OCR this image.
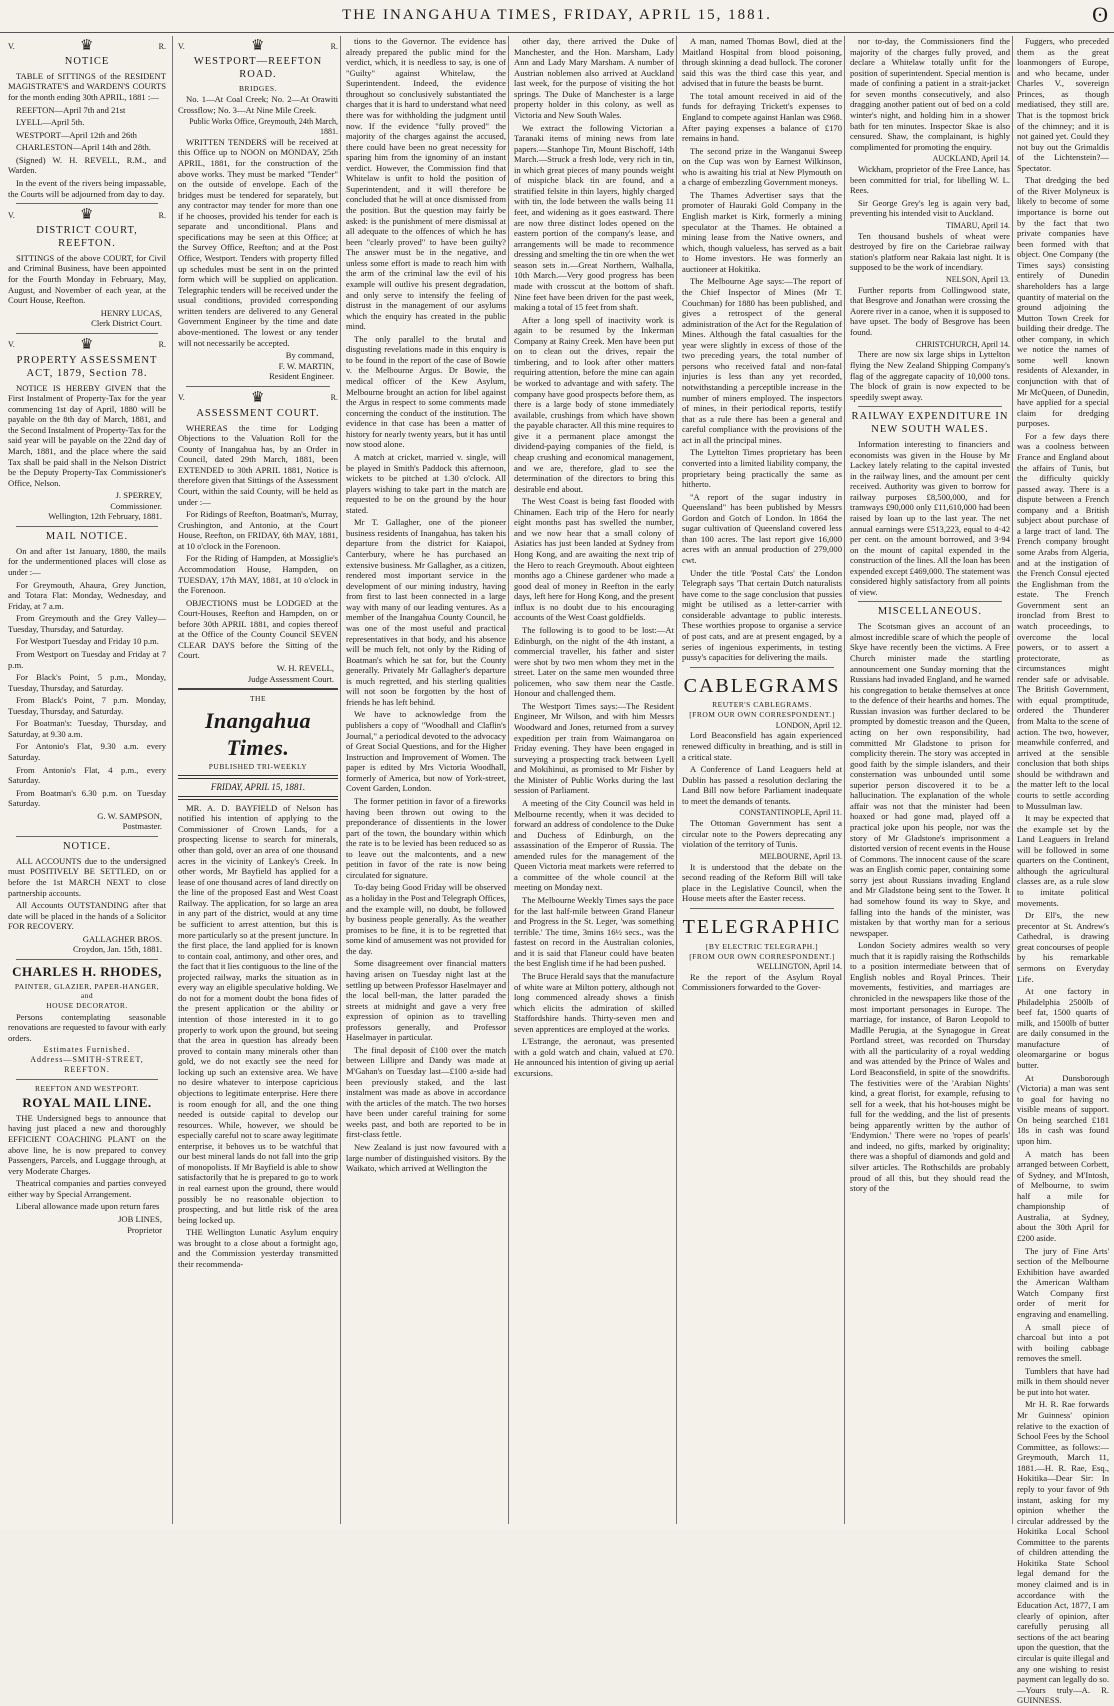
THE INANGAHUA TIMES, FRIDAY, APRIL 15, 1881.	ʘ
V.	♛	R.
NOTICE

TABLE of SITTINGS of the RESIDENT MAGISTRATE'S and WARDEN'S COURTS for the month ending 30th APRIL, 1881 :—

REEFTON—April 7th and 21st

LYELL—April 5th.

WESTPORT—April 12th and 26th

CHARLESTON—April 14th and 28th.

(Signed) W. H. REVELL, R.M., and Warden.

In the event of the rivers being impassable, the Courts will be adjourned from day to day.

V.	♛	R.
DISTRICT COURT, REEFTON.

SITTINGS of the above COURT, for Civil and Criminal Business, have been appointed for the Fourth Monday in February, May, August, and November of each year, at the Court House, Reefton.

HENRY LUCAS,
Clerk District Court.
V.	♛	R.
PROPERTY ASSESSMENT ACT, 1879, Section 78.

NOTICE IS HEREBY GIVEN that the First Instalment of Property-Tax for the year commencing 1st day of April, 1880 will be payable on the 8th day of March, 1881, and the Second Instalment of Property-Tax for the said year will be payable on the 22nd day of March, 1881, and the place where the said Tax shall be paid shall in the Nelson District be the Deputy Property-Tax Commissioner's Office, Nelson.

J. SPERREY,
Commissioner.
Wellington, 12th February, 1881.
MAIL NOTICE.

On and after 1st January, 1880, the mails for the undermentioned places will close as under :—

For Greymouth, Ahaura, Grey Junction, and Totara Flat: Monday, Wednesday, and Friday, at 7 a.m.

From Greymouth and the Grey Valley—Tuesday, Thursday, and Saturday.

For Westport Tuesday and Friday 10 p.m.

From Westport on Tuesday and Friday at 7 p.m.

For Black's Point, 5 p.m., Monday, Tuesday, Thursday, and Saturday.

From Black's Point, 7 p.m. Monday, Tuesday, Thursday, and Saturday.

For Boatman's: Tuesday, Thursday, and Saturday, at 9.30 a.m.

For Antonio's Flat, 9.30 a.m. every Saturday.

From Antonio's Flat, 4 p.m., every Saturday.

From Boatman's 6.30 p.m. on Tuesday Saturday.

G. W. SAMPSON,
Postmaster.
NOTICE.

ALL ACCOUNTS due to the undersigned must POSITIVELY BE SETTLED, on or before the 1st MARCH NEXT to close partnership accounts.

All Accounts OUTSTANDING after that date will be placed in the hands of a Solicitor FOR RECOVERY.

GALLAGHER BROS.
Croydon, Jan. 15th, 1881.
CHARLES H. RHODES,
PAINTER, GLAZIER, PAPER-HANGER, and
HOUSE DECORATOR.

Persons contemplating seasonable renovations are requested to favour with early orders.

Estimates Furnished.
Address—SMITH-STREET, REEFTON.
REEFTON AND WESTPORT.
ROYAL MAIL LINE.

THE Undersigned begs to announce that having just placed a new and thoroughly EFFICIENT COACHING PLANT on the above line, he is now prepared to convey Passengers, Parcels, and Luggage through, at very Moderate Charges.

Theatrical companies and parties conveyed either way by Special Arrangement.

Liberal allowance made upon return fares

JOB LINES,
Proprietor
V.	♛	R.
WESTPORT—REEFTON ROAD.
BRIDGES.

No. 1—At Coal Creek; No. 2—At Orawiti Crossflow; No. 3—At Nine Mile Creek.

Public Works Office, Greymouth, 24th March, 1881.

WRITTEN TENDERS will be received at this Office up to NOON on MONDAY, 25th APRIL, 1881, for the construction of the above works. They must be marked "Tender" on the outside of envelope. Each of the bridges must be tendered for separately, but any contractor may tender for more than one if he chooses, provided his tender for each is separate and unconditional. Plans and specifications may be seen at this Office; at the Survey Office, Reefton; and at the Post Office, Westport. Tenders with property filled up schedules must be sent in on the printed form which will be supplied on application. Telegraphic tenders will be received under the usual conditions, provided corresponding written tenders are delivered to any General Government Engineer by the time and date above-mentioned. The lowest or any tender will not necessarily be accepted.

By command,
F. W. MARTIN,
Resident Engineer.
V.	♛	R.
ASSESSMENT COURT.

WHEREAS the time for Lodging Objections to the Valuation Roll for the County of Inangahua has, by an Order in Council, dated 29th March, 1881, been EXTENDED to 30th APRIL 1881, Notice is therefore given that Sittings of the Assessment Court, within the said County, will be held as under :—

For Ridings of Reefton, Boatman's, Murray, Crushington, and Antonio, at the Court House, Reefton, on FRIDAY, 6th MAY, 1881, at 10 o'clock in the Forenoon.

For the Riding of Hampden, at Mossiglie's Accommodation House, Hampden, on TUESDAY, 17th MAY, 1881, at 10 o'clock in the Forenoon.

OBJECTIONS must be LODGED at the Court-Houses, Reefton and Hampden, on or before 30th APRIL 1881, and copies thereof at the Office of the County Council SEVEN CLEAR DAYS before the Sitting of the Court.

W. H. REVELL,
Judge Assessment Court.
THE
Inangahua Times.
PUBLISHED TRI-WEEKLY
FRIDAY, APRIL 15, 1881.

MR. A. D. BAYFIELD of Nelson has notified his intention of applying to the Commissioner of Crown Lands, for a prospecting license to search for minerals, other than gold, over an area of one thousand acres in the vicinity of Lankey's Creek. In other words, Mr Bayfield has applied for a lease of one thousand acres of land directly on the line of the proposed East and West Coast Railway. The application, for so large an area in any part of the district, would at any time be sufficient to arrest attention, but this is more particularly so at the present juncture. In the first place, the land applied for is known to contain coal, antimony, and other ores, and the fact that it lies contiguous to the line of the projected railway, marks the situation as in every way an eligible speculative holding. We do not for a moment doubt the bona fides of the present application or the ability or intention of those interested in it to go properly to work upon the ground, but seeing that the area in question has already been proved to contain many minerals other than gold, we do not exactly see the need for locking up such an extensive area. We have no desire whatever to interpose capricious objections to legitimate enterprise. Here there is room enough for all, and the one thing needed is outside capital to develop our resources. While, however, we should be especially careful not to scare away legitimate enterprise, it behoves us to be watchful that our best mineral lands do not fall into the grip of monopolists. If Mr Bayfield is able to show satisfactorily that he is prepared to go to work in real earnest upon the ground, there would possibly be no reasonable objection to prospecting, and but little risk of the area being locked up.

THE Wellington Lunatic Asylum enquiry was brought to a close about a fortnight ago, and the Commission yesterday transmitted their recommenda-

tions to the Governor. The evidence has already prepared the public mind for the verdict, which, it is needless to say, is one of "Guilty" against Whitelaw, the Superintendent. Indeed, the evidence throughout so conclusively substantiated the charges that it is hard to understand what need there was for withholding the judgment until now. If the evidence "fully proved" the majority of the charges against the accused, there could have been no great necessity for sparing him from the ignominy of an instant verdict. However, the Commission find that Whitelaw is unfit to hold the position of Superintendent, and it will therefore be concluded that he will at once dismissed from the position. But the question may fairly be asked: is the punishment of mere dismissal at all adequate to the offences of which he has been "clearly proved" to have been guilty? The answer must be in the negative, and unless some effort is made to reach him with the arm of the criminal law the evil of his example will outlive his present degradation, and only serve to intensify the feeling of distrust in the management of our asylums which the enquiry has created in the public mind.

The only parallel to the brutal and disgusting revelations made in this enquiry is to be found in the report of the case of Bowie v. the Melbourne Argus. Dr Bowie, the medical officer of the Kew Asylum, Melbourne brought an action for libel against the Argus in respect to some comments made concerning the conduct of the institution. The evidence in that case has been a matter of history for nearly twenty years, but it has until now stood alone.

A match at cricket, married v. single, will be played in Smith's Paddock this afternoon, wickets to be pitched at 1.30 o'clock. All players wishing to take part in the match are requested to be on the ground by the hour stated.

Mr T. Gallagher, one of the pioneer business residents of Inangahua, has taken his departure from the district for Kaiapoi, Canterbury, where he has purchased an extensive business. Mr Gallagher, as a citizen, rendered most important service in the development of our mining industry, having from first to last been connected in a large way with many of our leading ventures. As a member of the Inangahua County Council, he was one of the most useful and practical representatives in that body, and his absence will be much felt, not only by the Riding of Boatman's which he sat for, but the County generally. Privately Mr Gallagher's departure is much regretted, and his sterling qualities will not soon be forgotten by the host of friends he has left behind.

We have to acknowledge from the publishers a copy of "Woodhall and Claflin's Journal," a periodical devoted to the advocacy of Great Social Questions, and for the Higher Instruction and Improvement of Women. The paper is edited by Mrs Victoria Woodhall, formerly of America, but now of York-street, Covent Garden, London.

The former petition in favor of a fireworks having been thrown out owing to the preponderance of dissentients in the lower part of the town, the boundary within which the rate is to be levied has been reduced so as to leave out the malcontents, and a new petition in favor of the rate is now being circulated for signature.

To-day being Good Friday will be observed as a holiday in the Post and Telegraph Offices, and the example will, no doubt, be followed by business people generally. As the weather promises to be fine, it is to be regretted that some kind of amusement was not provided for the day.

Some disagreement over financial matters having arisen on Tuesday night last at the settling up between Professor Haselmayer and the local bell-man, the latter paraded the streets at midnight and gave a very free expression of opinion as to travelling professors generally, and Professor Haselmayer in particular.

The final deposit of £100 over the match between Lillipre and Dandy was made at M'Gahan's on Tuesday last—£100 a-side had been previously staked, and the last instalment was made as above in accordance with the articles of the match. The two horses have been under careful training for some weeks past, and both are reported to be in first-class fettle.

New Zealand is just now favoured with a large number of distinguished visitors. By the Waikato, which arrived at Wellington the

other day, there arrived the Duke of Manchester, and the Hon. Marsham, Lady Ann and Lady Mary Marsham. A number of Austrian noblemen also arrived at Auckland last week, for the purpose of visiting the hot springs. The Duke of Manchester is a large property holder in this colony, as well as Victoria and New South Wales.

We extract the following Victorian a Taranaki items of mining news from late papers.—Stanhope Tin, Mount Bischoff, 14th March.—Struck a fresh lode, very rich in tin, in which great pieces of many pounds weight of mispiche black tin are found, and a stratified felsite in thin layers, highly charged with tin, the lode between the walls being 11 feet, and widening as it goes eastward. There are now three distinct lodes opened on the eastern portion of the company's lease, and arrangements will be made to recommence dressing and smelting the tin ore when the wet season sets in.—Great Northern, Walhalla, 10th March.—Very good progress has been made with crosscut at the bottom of shaft. Nine feet have been driven for the past week, making a total of 15 feet from shaft.

After a long spell of inactivity work is again to be resumed by the Inkerman Company at Rainy Creek. Men have been put on to clean out the drives, repair the timbering, and to look after other matters requiring attention, before the mine can again be worked to advantage and with safety. The company have good prospects before them, as there is a large body of stone immediately available, crushings from which have shown the payable character. All this mine requires to give it a permanent place amongst the dividend-paying companies of the field, is cheap crushing and economical management, and we are, therefore, glad to see the determination of the directors to bring this desirable end about.

The West Coast is being fast flooded with Chinamen. Each trip of the Hero for nearly eight months past has swelled the number, and we now hear that a small colony of Asiatics has just been landed at Sydney from Hong Kong, and are awaiting the next trip of the Hero to reach Greymouth. About eighteen months ago a Chinese gardener who made a good deal of money in Reefton in the early days, left here for Hong Kong, and the present influx is no doubt due to his encouraging accounts of the West Coast goldfields.

The following is to good to be lost:—At Edinburgh, on the night of the 4th instant, a commercial traveller, his father and sister were shot by two men whom they met in the street. Later on the same men wounded three policemen, who saw them near the Castle. Honour and challenged them.

The Westport Times says:—The Resident Engineer, Mr Wilson, and with him Messrs Woodward and Jones, returned from a survey expedition per train from Waimangaroa on Friday evening. They have been engaged in surveying a prospecting track between Lyell and Mokihinui, as promised to Mr Fisher by the Minister of Public Works during the last session of Parliament.

A meeting of the City Council was held in Melbourne recently, when it was decided to forward an address of condolence to the Duke and Duchess of Edinburgh, on the assassination of the Emperor of Russia. The amended rules for the management of the Queen Victoria meat markets were referred to a committee of the whole council at the meeting on Monday next.

The Melbourne Weekly Times says the pace for the last half-mile between Grand Flaneur and Progress in the St. Leger, 'was something terrible.' The time, 3mins 16½ secs., was the fastest on record in the Australian colonies, and it is said that Flaneur could have beaten the best English time if he had been pushed.

The Bruce Herald says that the manufacture of white ware at Milton pottery, although not long commenced already shows a finish which elicits the admiration of skilled Staffordshire hands. Thirty-seven men and seven apprentices are employed at the works.

L'Estrange, the aeronaut, was presented with a gold watch and chain, valued at £70. He announced his intention of giving up aerial excursions.

A man, named Thomas Bowl, died at the Maitland Hospital from blood poisoning, through skinning a dead bullock. The coroner said this was the third case this year, and advised that in future the beasts be burnt.

The total amount received in aid of the funds for defraying Trickett's expenses to England to compete against Hanlan was £968. After paying expenses a balance of £170 remains in hand.

The second prize in the Wanganui Sweep on the Cup was won by Earnest Wilkinson, who is awaiting his trial at New Plymouth on a charge of embezzling Government moneys.

The Thames Advertiser says that the promoter of Hauraki Gold Company in the English market is Kirk, formerly a mining speculator at the Thames. He obtained a mining lease from the Native owners, and which, though valueless, has served as a bait to Home investors. He was formerly an auctioneer at Hokitika.

The Melbourne Age says:—The report of the Chief Inspector of Mines (Mr T. Couchman) for 1880 has been published, and gives a retrospect of the general administration of the Act for the Regulation of Mines. Although the fatal casualties for the year were slightly in excess of those of the two preceding years, the total number of persons who received fatal and non-fatal injuries is less than any yet recorded, notwithstanding a perceptible increase in the number of miners employed. The inspectors of mines, in their periodical reports, testify that as a rule there has been a general and careful compliance with the provisions of the act in all the principal mines.

The Lyttelton Times proprietary has been converted into a limited liability company, the proprietary being practically the same as hitherto.

"A report of the sugar industry in Queensland" has been published by Messrs Gordon and Gotch of London. In 1864 the sugar cultivation of Queensland covered less than 100 acres. The last report give 16,000 acres with an annual production of 279,000 cwt.

Under the title 'Postal Cats' the London Telegraph says 'That certain Dutch naturalists have come to the sage conclusion that pussies might be utilised as a letter-carrier with considerable advantage to public interests. These worthies propose to organise a service of post cats, and are at present engaged, by a series of ingenious experiments, in testing pussy's capacities for delivering the mails.

CABLEGRAMS
REUTER'S CABLEGRAMS.
[FROM OUR OWN CORRESPONDENT.]

LONDON, April 12.

Lord Beaconsfield has again experienced renewed difficulty in breathing, and is still in a critical state.

A Conference of Land Leaguers held at Dublin has passed a resolution declaring the Land Bill now before Parliament inadequate to meet the demands of tenants.

CONSTANTINOPLE, April 11.

The Ottoman Government has sent a circular note to the Powers deprecating any violation of the territory of Tunis.

MELBOURNE, April 13.

It is understood that the debate on the second reading of the Reform Bill will take place in the Legislative Council, when the House meets after the Easter recess.

TELEGRAPHIC
[BY ELECTRIC TELEGRAPH.]
[FROM OUR OWN CORRESPONDENT.]

WELLINGTON, April 14.

Re the report of the Asylum Royal Commissioners forwarded to the Gover-

nor to-day, the Commissioners find the majority of the charges fully proved, and declare a Whitelaw totally unfit for the position of superintendent. Special mention is made of confining a patient in a strait-jacket for seven months consecutively, and also dragging another patient out of bed on a cold winter's night, and holding him in a shower bath for ten minutes. Inspector Skae is also censured. Shaw, the complainant, is highly complimented for promoting the enquiry.

AUCKLAND, April 14.

Wickham, proprietor of the Free Lance, has been committed for trial, for libelling W. L. Rees.

Sir George Grey's leg is again very bad, preventing his intended visit to Auckland.

TIMARU, April 14.

Ten thousand bushels of wheat were destroyed by fire on the Cariebrae railway station's platform near Rakaia last night. It is supposed to be the work of incendiary.

NELSON, April 13.

Further reports from Collingwood state, that Besgrove and Jonathan were crossing the Aorere river in a canoe, when it is supposed to have upset. The body of Besgrove has been found.

CHRISTCHURCH, April 14.

There are now six large ships in Lyttelton flying the New Zealand Shipping Company's flag of the aggregate capacity of 10,000 tons. The block of grain is now expected to be speedily swept away.

RAILWAY EXPENDITURE IN NEW SOUTH WALES.

Information interesting to financiers and economists was given in the House by Mr Lackey lately relating to the capital invested in the railway lines, and the amount per cent received. Authority was given to borrow for railway purposes £8,500,000, and for tramways £90,000 only £11,610,000 had been raised by loan up to the last year. The net annual earnings were £513,223, equal to 4·42 per cent. on the amount borrowed, and 3·94 on the mount of capital expended in the construction of the lines. All the loan has been expended except £469,000. The statement was considered highly satisfactory from all points of view.

MISCELLANEOUS.

The Scotsman gives an account of an almost incredible scare of which the people of Skye have recently been the victims. A Free Church minister made the startling announcement one Sunday morning that the Russians had invaded England, and he warned his congregation to betake themselves at once to the defence of their hearths and homes. The Russian invasion was further declared to be prompted by domestic treason and the Queen, acting on her own responsibility, had committed Mr Gladstone to prison for complicity therein. The story was accepted in good faith by the simple islanders, and their consternation was unbounded until some superior person discovered it to be a hallucination. The explanation of the whole affair was not that the minister had been hoaxed or had gone mad, played off a practical joke upon his people, nor was the story of Mr Gladstone's imprisonment a distorted version of recent events in the House of Commons. The innocent cause of the scare was an English comic paper, containing some sorry jest about Russians invading England and Mr Gladstone being sent to the Tower. It had somehow found its way to Skye, and falling into the hands of the minister, was mistaken by that worthy man for a serious newspaper.

London Society admires wealth so very much that it is rapidly raising the Rothschilds to a position intermediate between that of English nobles and Royal Princes. Their movements, festivities, and marriages are chronicled in the newspapers like those of the most important personages in Europe. The marriage, for instance, of Baron Leopold to Madlle Perugia, at the Synagogue in Great Portland street, was recorded on Thursday with all the particularity of a royal wedding and was attended by the Prince of Wales and Lord Beaconsfield, in spite of the snowdrifts. The festivities were of the 'Arabian Nights' kind, a great florist, for example, refusing to sell for a week, that his hot-houses might be full for the wedding, and the list of presents being apparently written by the author of 'Endymion.' There were no 'ropes of pearls' and indeed, no gifts, marked by originality; there was a shopful of diamonds and gold and silver articles. The Rothschilds are probably proud of all this, but they should read the story of the

Fuggers, who preceded them as the great loanmongers of Europe, and who became, under Charles V., sovereign Princes, as though mediatised, they still are. That is the topmost brick of the chimney; and it is not gained yet. Could they not buy out the Grimaldis of the Lichtenstein?—Spectator.

That dredging the bed of the River Molyneux is likely to become of some importance is borne out by the fact that two private companies have been formed with that object. One Company (the Times says) consisting entirely of Dunedin shareholders has a large quantity of material on the ground adjoining the Mutton Town Creek for building their dredge. The other company, in which we notice the names of some well known residents of Alexander, in conjunction with that of Mr McQueen, of Dunedin, have applied for a special claim for dredging purposes.

For a few days there was a coolness between France and England about the affairs of Tunis, but the difficulty quickly passed away. There is a dispute between a French company and a British subject about purchase of a large tract of land. The French company brought some Arabs from Algeria, and at the instigation of the French Consul ejected the Englishman from the estate. The French Government sent an ironclad from Brest to watch proceedings, to overcome the local powers, or to assert a protectorate, as circumstances might render safe or advisable. The British Government, with equal promptitude, ordered the Thunderer from Malta to the scene of action. The two, however, meanwhile conferred, and arrived at the sensible conclusion that both ships should be withdrawn and the matter left to the local courts to settle according to Mussulman law.

It may be expected that the example set by the Land Leaguers in Ireland will be followed in some quarters on the Continent, although the agricultural classes are, as a rule slow to imitate political movements.

Dr Ell's, the new precentor at St. Andrew's Cathedral, is drawing great concourses of people by his remarkable sermons on Everyday Life.

At one factory in Philadelphia 2500lb of beef fat, 1500 quarts of milk, and 1500lb of butter are daily consumed in the manufacture of oleomargarine or bogus butter.

At Dunsborough (Victoria) a man was sent to goal for having no visible means of support. On being searched £181 18s in cash was found upon him.

A match has been arranged between Corbett, of Sydney, and M'Intosh, of Melbourne, to swim half a mile for championship of Australia, at Sydney, about the 30th April for £200 aside.

The jury of Fine Arts' section of the Melbourne Exhibition have awarded the American Waltham Watch Company first order of merit for engraving and enamelling.

A small piece of charcoal but into a pot with boiling cabbage removes the smell.

Tumblers that have had milk in them should never be put into hot water.

Mr H. R. Rae forwards Mr Guinness' opinion relative to the exaction of School Fees by the School Committee, as follows:—Greymouth, March 11, 1881.—H. R. Rae, Esq., Hokitika—Dear Sir: In reply to your favor of 9th instant, asking for my opinion whether the circular addressed by the Hokitika Local School Committee to the parents of children attending the Hokitika State School legal demand for the money claimed and is in accordance with the Education Act, 1877, I am clearly of opinion, after carefully perusing all sections of the act bearing upon the question, that the circular is quite illegal and any one wishing to resist payment can legally do so.—Yours truly—A. R. GUINNESS.
